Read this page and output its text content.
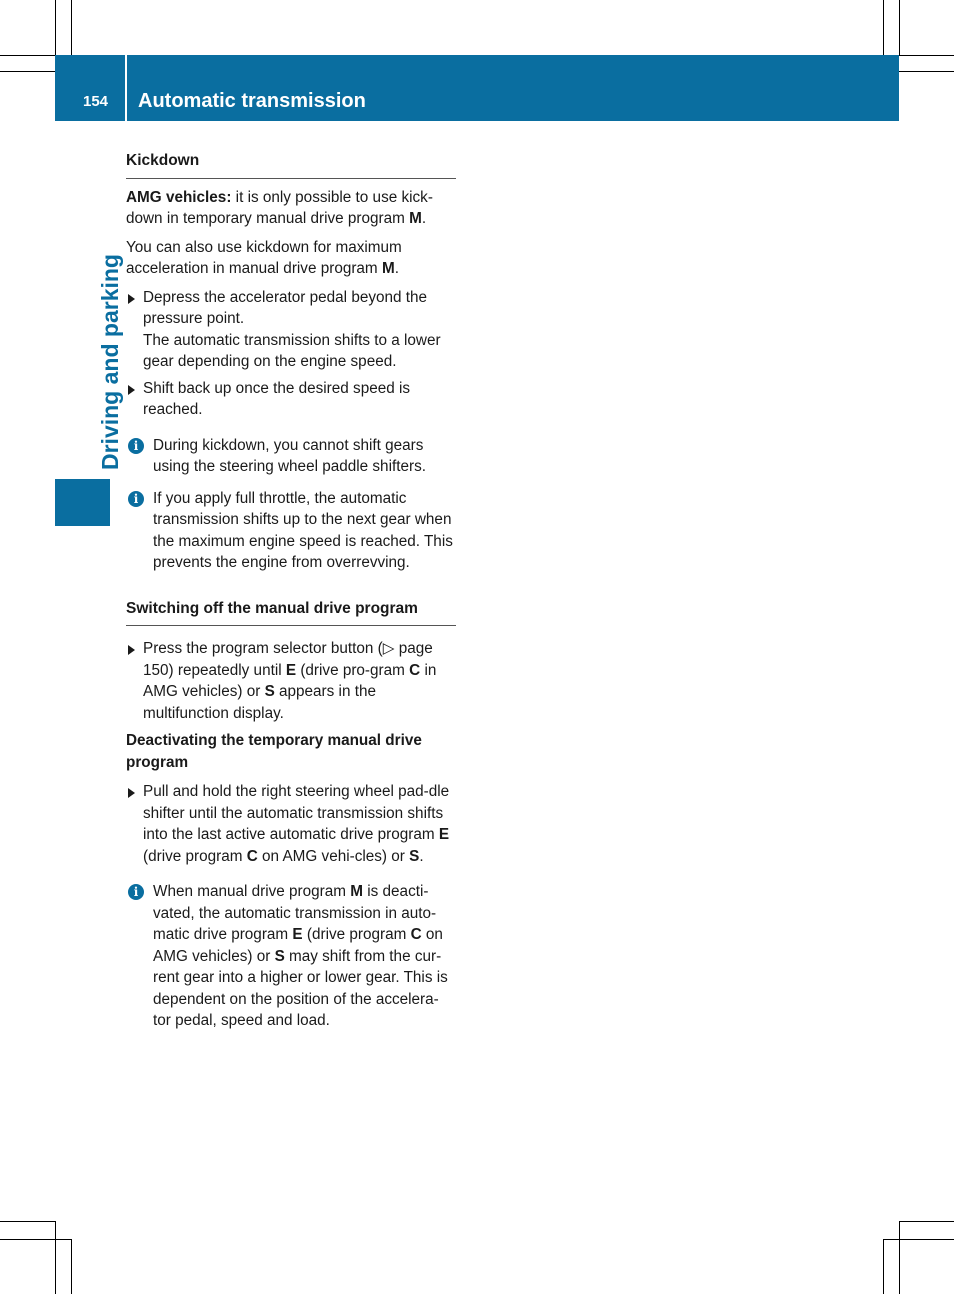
154 Automatic transmission
Driving and parking
Kickdown

AMG vehicles: it is only possible to use kick-down in temporary manual drive program M.

You can also use kickdown for maximum acceleration in manual drive program M.

Depress the accelerator pedal beyond the pressure point.
The automatic transmission shifts to a lower gear depending on the engine speed.
Shift back up once the desired speed is reached.
i During kickdown, you cannot shift gears using the steering wheel paddle shifters.
i If you apply full throttle, the automatic transmission shifts up to the next gear when the maximum engine speed is reached. This prevents the engine from overrevving.
Switching off the manual drive program
Press the program selector button (▷ page 150) repeatedly until E (drive pro-gram C in AMG vehicles) or S appears in the multifunction display.
Deactivating the temporary manual drive program
Pull and hold the right steering wheel pad-dle shifter until the automatic transmission shifts into the last active automatic drive program E (drive program C on AMG vehi-cles) or S.
i When manual drive program M is deacti-vated, the automatic transmission in auto-matic drive program E (drive program C on AMG vehicles) or S may shift from the cur-rent gear into a higher or lower gear. This is dependent on the position of the accelera-tor pedal, speed and load.
